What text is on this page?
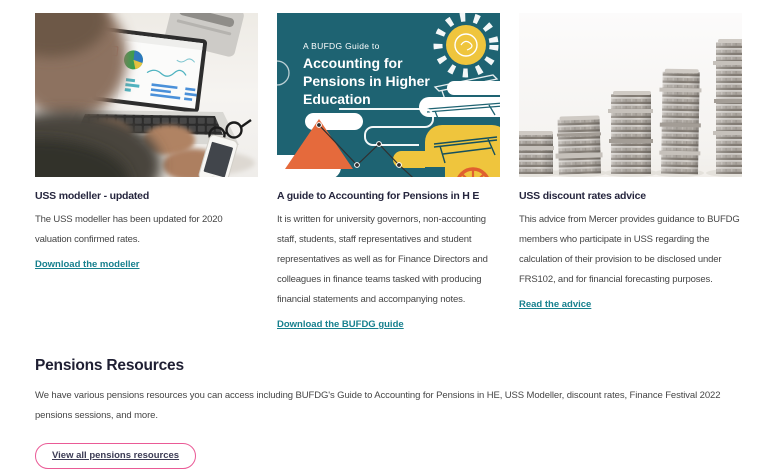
USS modeller - updated

The USS modeller has been updated for 2020 valuation confirmed rates.

Download the modeller
A BUFDG Guide to
Accounting for Pensions in Higher Education
A guide to Accounting for Pensions in H E

It is written for university governors, non-accounting staff, students, staff representatives and student representatives as well as for Finance Directors and colleagues in finance teams tasked with producing financial statements and accompanying notes.

Download the BUFDG guide
USS discount rates advice

This advice from Mercer provides guidance to BUFDG members who participate in USS regarding the calculation of their provision to be disclosed under FRS102, and for financial forecasting purposes.

Read the advice
Pensions Resources

We have various pensions resources you can access including BUFDG's Guide to Accounting for Pensions in HE, USS Modeller, discount rates, Finance Festival 2022 pensions sessions, and more.

View all pensions resources
